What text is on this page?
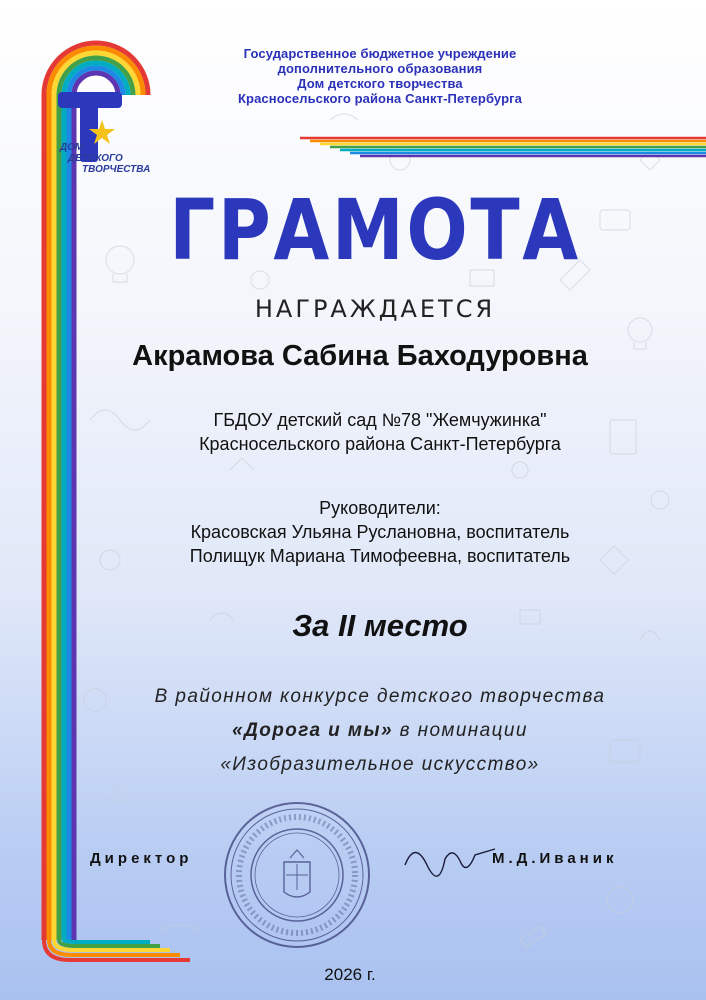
ДОМ
ДЕТСКОГО
ТВОРЧЕСТВА
Государственное бюджетное учреждение
дополнительного образования
Дом детского творчества
Красносельского района Санкт-Петербурга
ГРАМОТА
НАГРАЖДАЕТСЯ
Акрамова Сабина Баходуровна
ГБДОУ детский сад №78 "Жемчужинка"
Красносельского района Санкт-Петербурга
Руководители:
Красовская Ульяна Руслановна, воспитатель
Полищук Мариана Тимофеевна, воспитатель
За II место
В районном конкурсе детского творчества
«Дорога и мы» в номинации
«Изобразительное искусство»
Директор	М.Д.Иваник
2026 г.
